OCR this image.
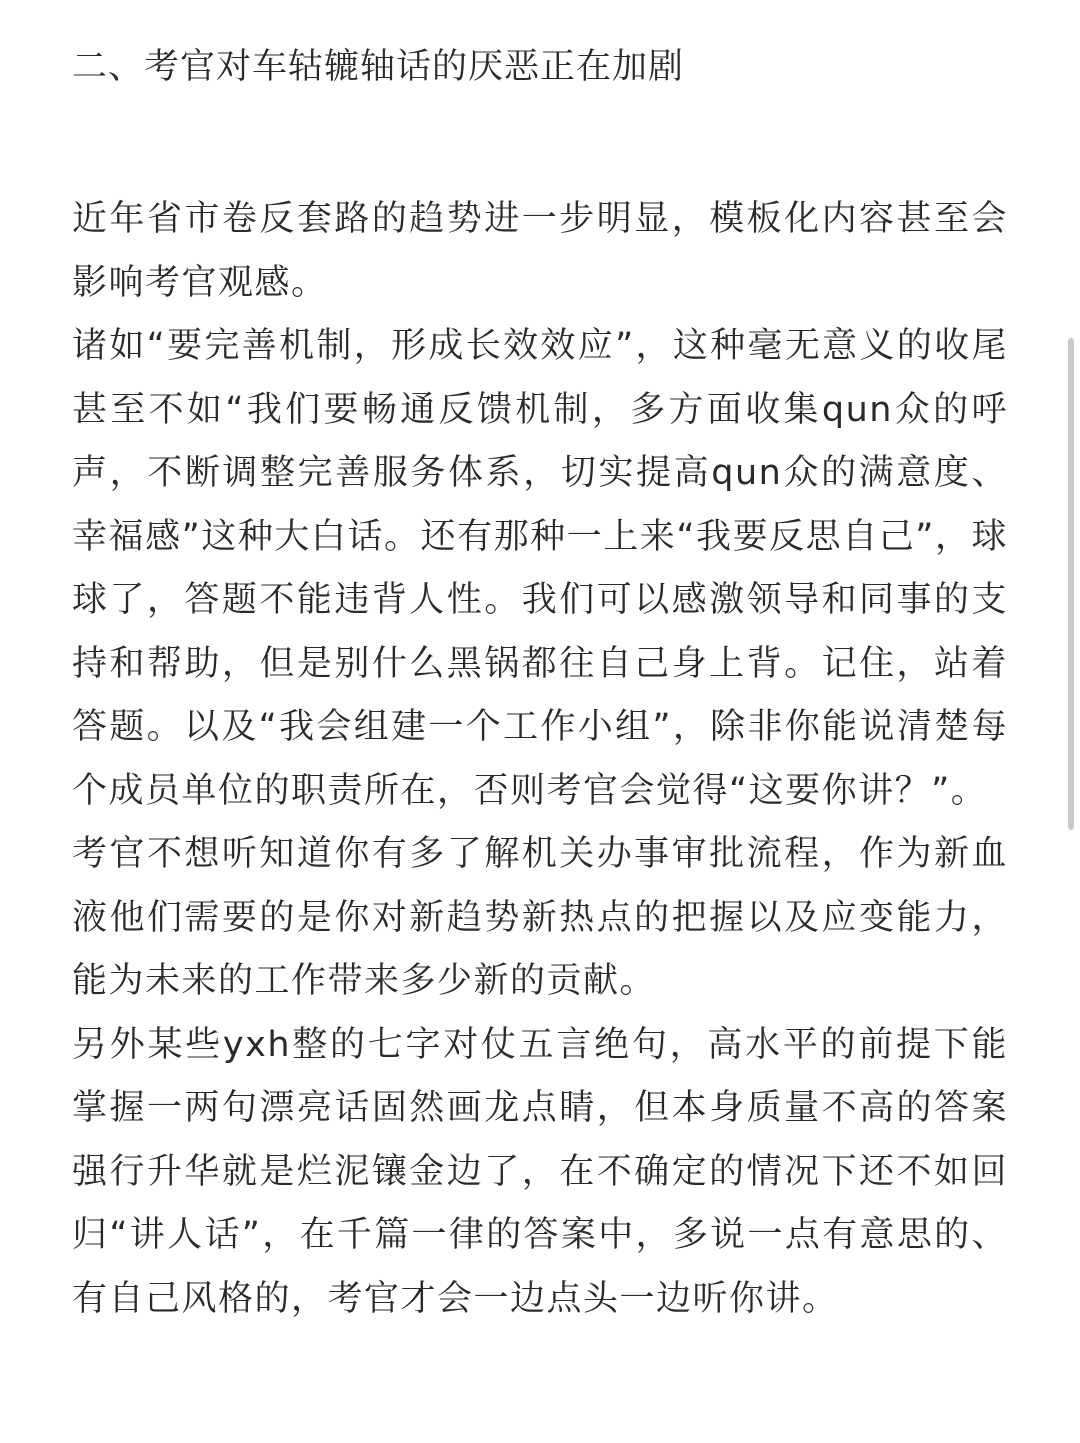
二、考官对车轱辘轴话的厌恶正在加剧

近年省市卷反套路的趋势进一步明显，模板化内容甚至会影响考官观感。

诸如“要完善机制，形成长效效应”，这种毫无意义的收尾甚至不如“我们要畅通反馈机制，多方面收集qun众的呼声，不断调整完善服务体系，切实提高qun众的满意度、幸福感”这种大白话。还有那种一上来“我要反思自己”，球球了，答题不能违背人性。我们可以感激领导和同事的支持和帮助，但是别什么黑锅都往自己身上背。记住，站着答题。以及“我会组建一个工作小组”，除非你能说清楚每个成员单位的职责所在，否则考官会觉得“这要你讲？”。

考官不想听知道你有多了解机关办事审批流程，作为新血液他们需要的是你对新趋势新热点的把握以及应变能力，能为未来的工作带来多少新的贡献。

另外某些yxh整的七字对仗五言绝句，高水平的前提下能掌握一两句漂亮话固然画龙点睛，但本身质量不高的答案强行升华就是烂泥镶金边了，在不确定的情况下还不如回归“讲人话”，在千篇一律的答案中，多说一点有意思的、有自己风格的，考官才会一边点头一边听你讲。
